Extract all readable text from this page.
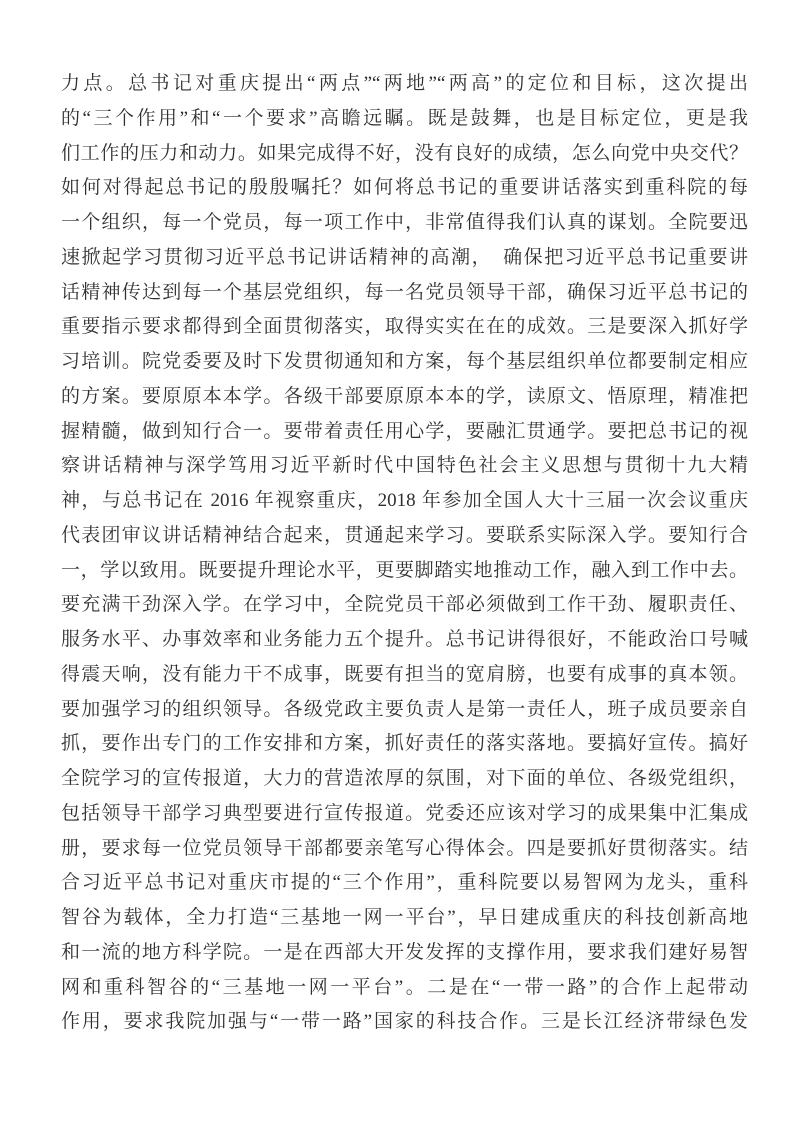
力点。总书记对重庆提出“两点”“两地”“两高”的定位和目标，这次提出
的“三个作用”和“一个要求”高瞻远瞩。既是鼓舞，也是目标定位，更是我
们工作的压力和动力。如果完成得不好，没有良好的成绩，怎么向党中央交代？
如何对得起总书记的殷殷嘱托？如何将总书记的重要讲话落实到重科院的每
一个组织，每一个党员，每一项工作中，非常值得我们认真的谋划。全院要迅
速掀起学习贯彻习近平总书记讲话精神的高潮，　确保把习近平总书记重要讲
话精神传达到每一个基层党组织，每一名党员领导干部，确保习近平总书记的
重要指示要求都得到全面贯彻落实，取得实实在在的成效。三是要深入抓好学
习培训。院党委要及时下发贯彻通知和方案，每个基层组织单位都要制定相应
的方案。要原原本本学。各级干部要原原本本的学，读原文、悟原理，精准把
握精髓，做到知行合一。要带着责任用心学，要融汇贯通学。要把总书记的视
察讲话精神与深学笃用习近平新时代中国特色社会主义思想与贯彻十九大精
神，与总书记在 2016 年视察重庆，2018 年参加全国人大十三届一次会议重庆
代表团审议讲话精神结合起来，贯通起来学习。要联系实际深入学。要知行合
一，学以致用。既要提升理论水平，更要脚踏实地推动工作，融入到工作中去。
要充满干劲深入学。在学习中，全院党员干部必须做到工作干劲、履职责任、
服务水平、办事效率和业务能力五个提升。总书记讲得很好，不能政治口号喊
得震天响，没有能力干不成事，既要有担当的宽肩膀，也要有成事的真本领。
要加强学习的组织领导。各级党政主要负责人是第一责任人，班子成员要亲自
抓，要作出专门的工作安排和方案，抓好责任的落实落地。要搞好宣传。搞好
全院学习的宣传报道，大力的营造浓厚的氛围，对下面的单位、各级党组织，
包括领导干部学习典型要进行宣传报道。党委还应该对学习的成果集中汇集成
册，要求每一位党员领导干部都要亲笔写心得体会。四是要抓好贯彻落实。结
合习近平总书记对重庆市提的“三个作用”，重科院要以易智网为龙头，重科
智谷为载体，全力打造“三基地一网一平台”，早日建成重庆的科技创新高地
和一流的地方科学院。一是在西部大开发发挥的支撑作用，要求我们建好易智
网和重科智谷的“三基地一网一平台”。二是在“一带一路”的合作上起带动
作用，要求我院加强与“一带一路”国家的科技合作。三是长江经济带绿色发
